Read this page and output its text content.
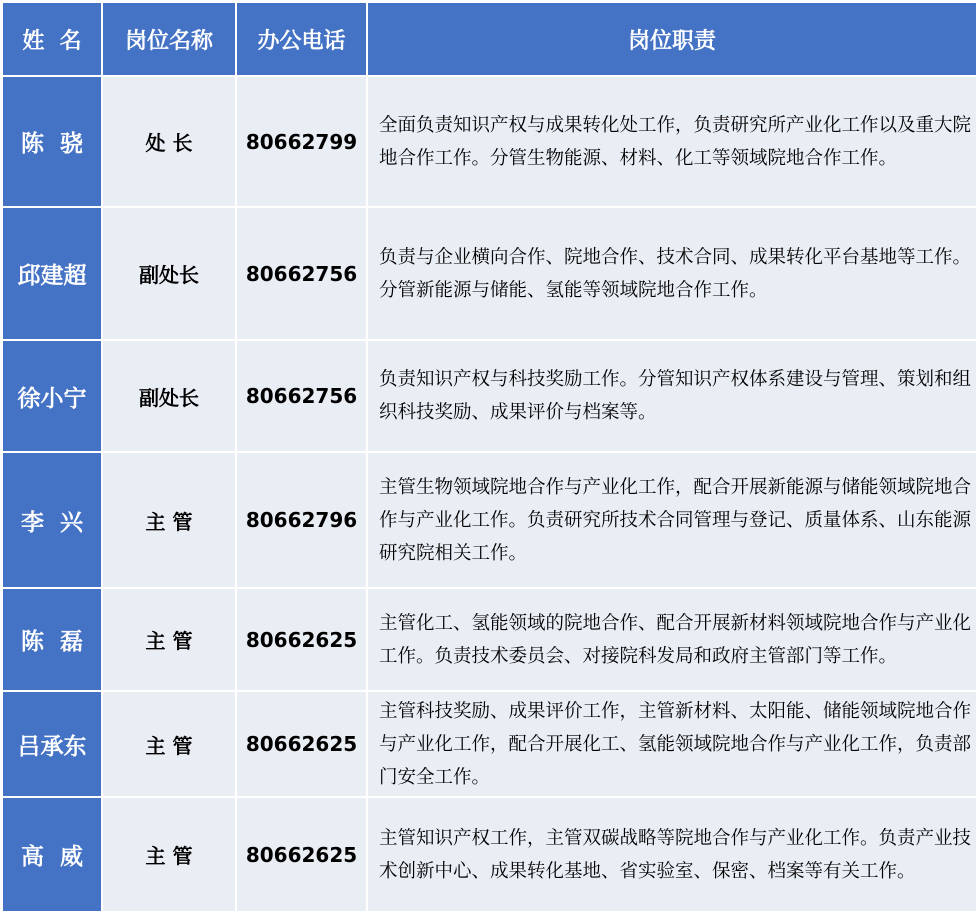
姓  名	岗位名称	办公电话	岗位职责
陈  骁	处 长	80662799	全面负责知识产权与成果转化处工作，负责研究所产业化工作以及重大院地合作工作。分管生物能源、材料、化工等领域院地合作工作。
邱建超	副处长	80662756	负责与企业横向合作、院地合作、技术合同、成果转化平台基地等工作。分管新能源与储能、氢能等领域院地合作工作。
徐小宁	副处长	80662756	负责知识产权与科技奖励工作。分管知识产权体系建设与管理、策划和组织科技奖励、成果评价与档案等。
李  兴	主 管	80662796	主管生物领域院地合作与产业化工作，配合开展新能源与储能领域院地合作与产业化工作。负责研究所技术合同管理与登记、质量体系、山东能源研究院相关工作。
陈  磊	主 管	80662625	主管化工、氢能领域的院地合作、配合开展新材料领域院地合作与产业化工作。负责技术委员会、对接院科发局和政府主管部门等工作。
吕承东	主 管	80662625	主管科技奖励、成果评价工作，主管新材料、太阳能、储能领域院地合作与产业化工作，配合开展化工、氢能领域院地合作与产业化工作，负责部门安全工作。
高  威	主 管	80662625	主管知识产权工作，主管双碳战略等院地合作与产业化工作。负责产业技术创新中心、成果转化基地、省实验室、保密、档案等有关工作。
